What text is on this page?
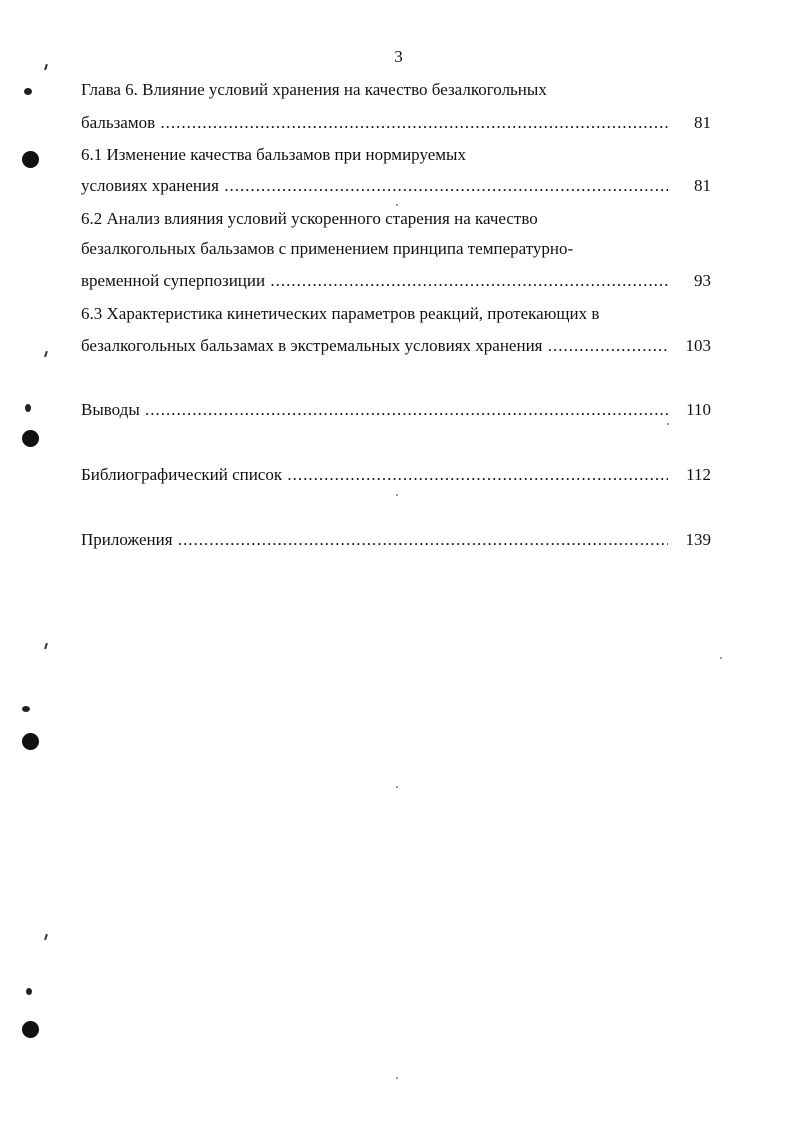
3
Глава 6. Влияние условий хранения на качество безалкогольных
бальзамов .....	81
6.1 Изменение качества бальзамов при нормируемых
условиях хранения .....	81
6.2 Анализ влияния условий ускоренного старения на качество
безалкогольных бальзамов с применением принципа температурно-
временной суперпозиции .....	93
6.3 Характеристика кинетических параметров реакций, протекающих в
безалкогольных бальзамах в экстремальных условиях хранения .....	103
Выводы .....	110
Библиографический список .....	112
Приложения .....	139
